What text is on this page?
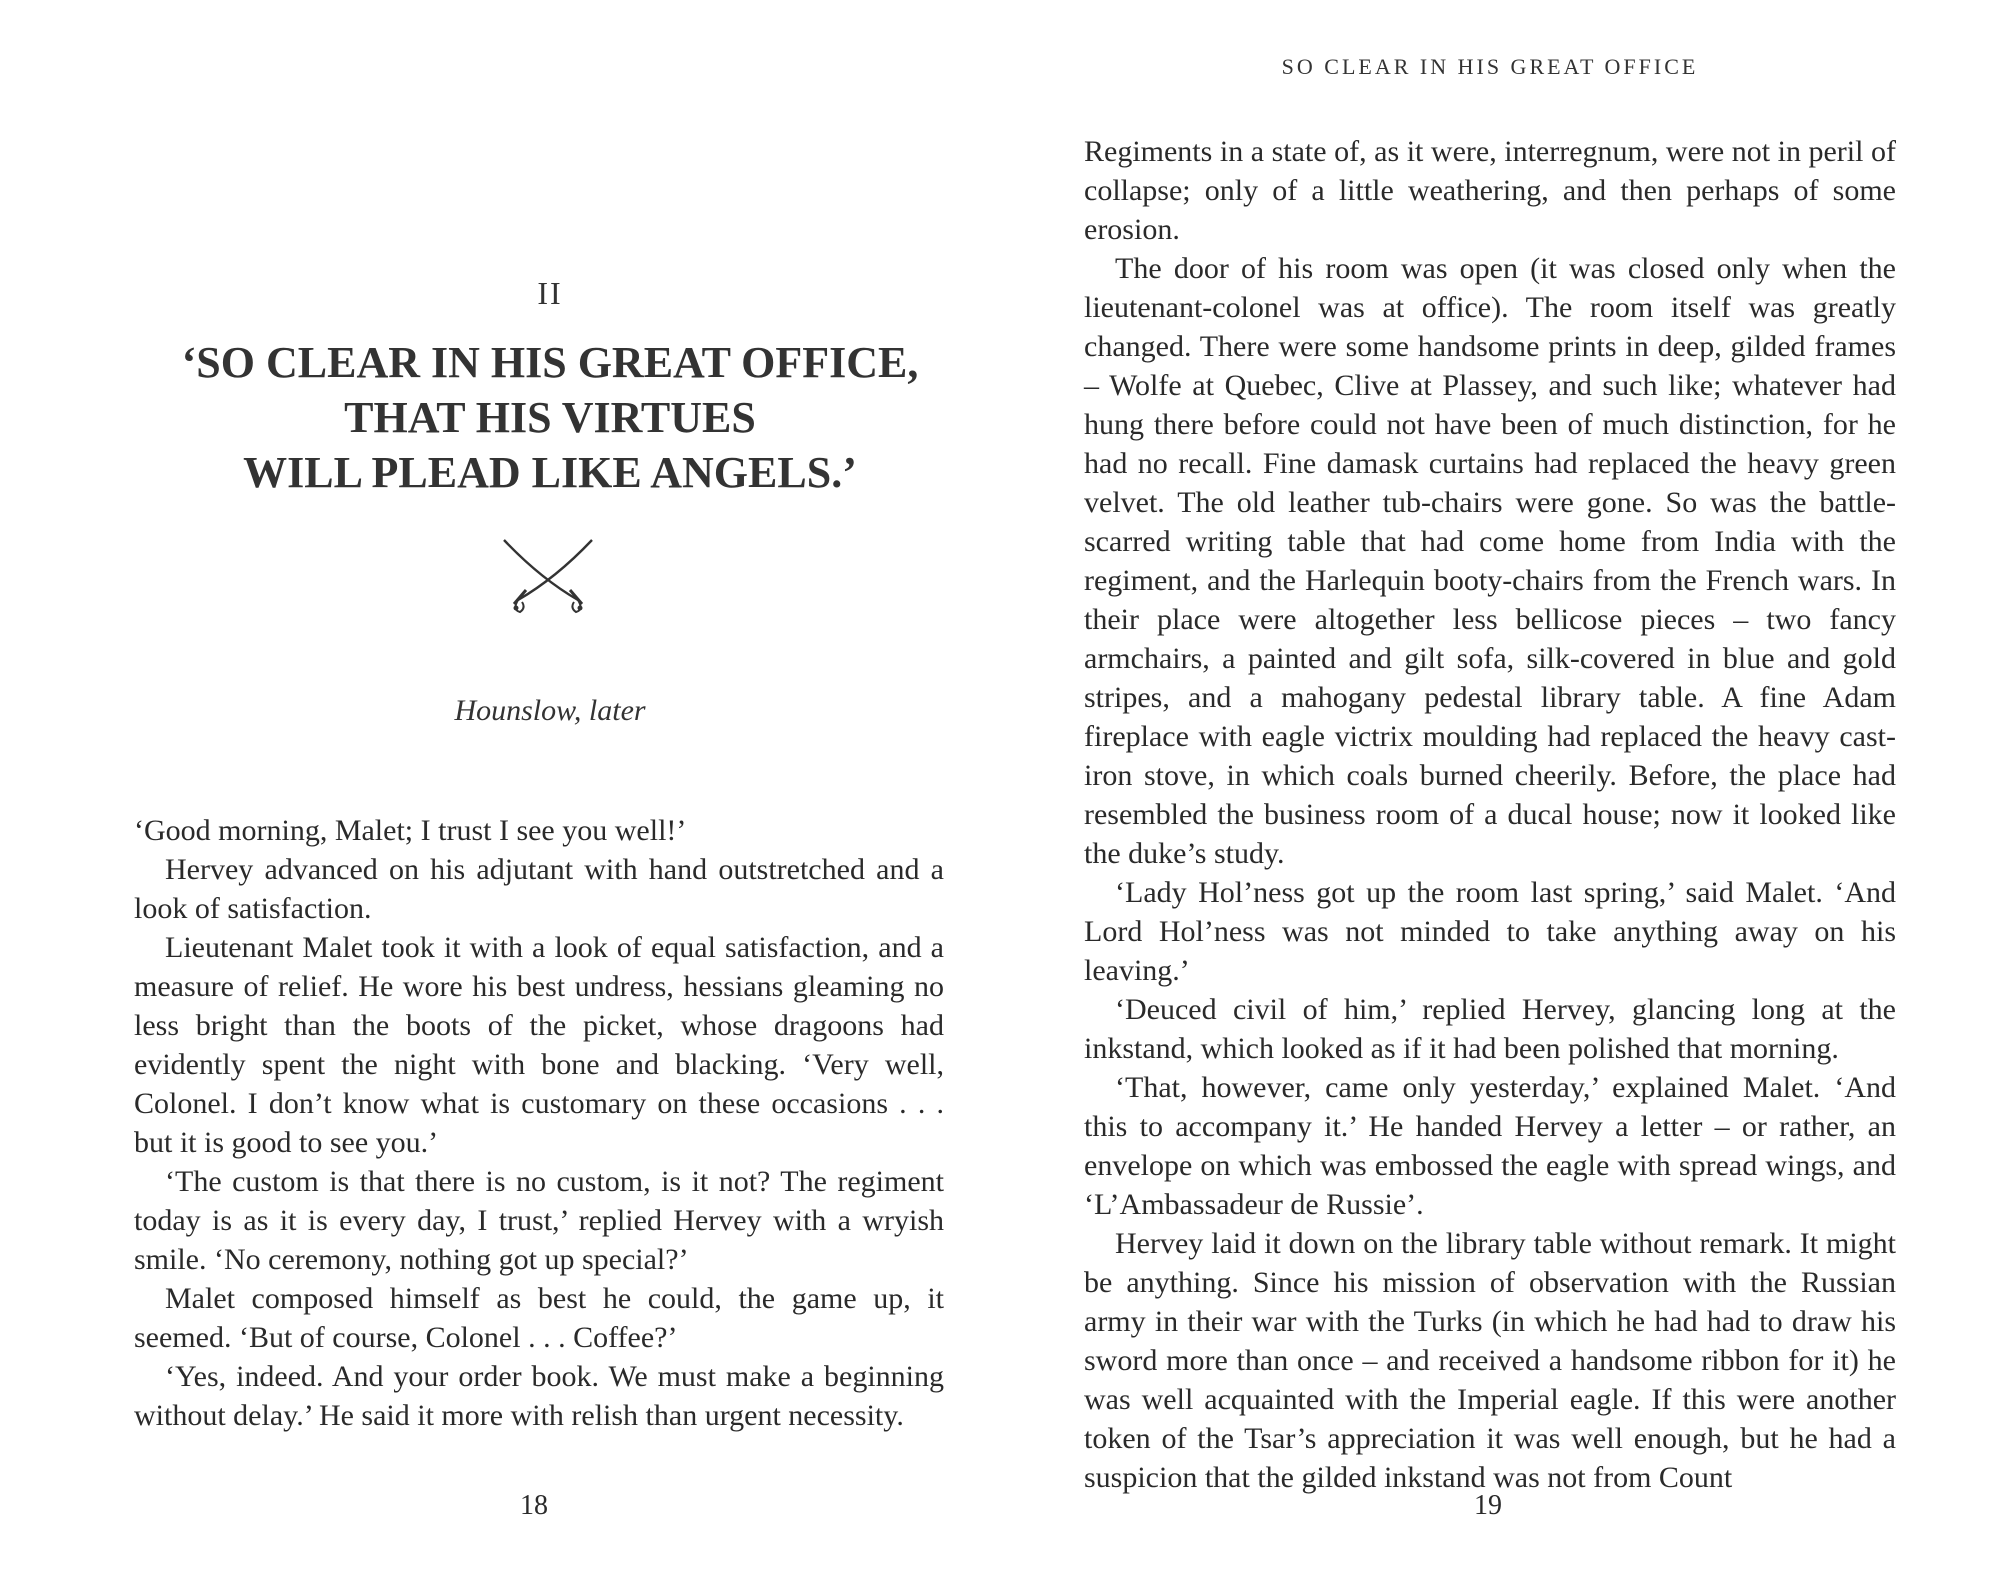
II
‘SO CLEAR IN HIS GREAT OFFICE,
THAT HIS VIRTUES
WILL PLEAD LIKE ANGELS.’
Hounslow, later

‘Good morning, Malet; I trust I see you well!’

Hervey advanced on his adjutant with hand outstretched and a look of satisfaction.

Lieutenant Malet took it with a look of equal satisfaction, and a measure of relief. He wore his best undress, hessians gleaming no less bright than the boots of the picket, whose dragoons had evidently spent the night with bone and blacking. ‘Very well, Colonel. I don’t know what is customary on these occasions . . . but it is good to see you.’

‘The custom is that there is no custom, is it not? The regiment today is as it is every day, I trust,’ replied Hervey with a wryish smile. ‘No ceremony, nothing got up special?’

Malet composed himself as best he could, the game up, it seemed. ‘But of course, Colonel . . . Coffee?’

‘Yes, indeed. And your order book. We must make a beginning without delay.’ He said it more with relish than urgent necessity.

18

Regiments in a state of, as it were, interregnum, were not in peril of collapse; only of a little weathering, and then perhaps of some erosion.

The door of his room was open (it was closed only when the lieutenant-colonel was at office). The room itself was greatly changed. There were some handsome prints in deep, gilded frames – Wolfe at Quebec, Clive at Plassey, and such like; whatever had hung there before could not have been of much distinction, for he had no recall. Fine damask curtains had replaced the heavy green velvet. The old leather tub-chairs were gone. So was the battle-scarred writing table that had come home from India with the regiment, and the Harlequin booty-chairs from the French wars. In their place were altogether less bellicose pieces – two fancy armchairs, a painted and gilt sofa, silk-covered in blue and gold stripes, and a mahogany pedestal library table. A fine Adam fireplace with eagle victrix moulding had replaced the heavy cast-iron stove, in which coals burned cheerily. Before, the place had resembled the business room of a ducal house; now it looked like the duke’s study.

‘Lady Hol’ness got up the room last spring,’ said Malet. ‘And Lord Hol’ness was not minded to take anything away on his leaving.’

‘Deuced civil of him,’ replied Hervey, glancing long at the inkstand, which looked as if it had been polished that morning.

‘That, however, came only yesterday,’ explained Malet. ‘And this to accompany it.’ He handed Hervey a letter – or rather, an envelope on which was embossed the eagle with spread wings, and ‘L’Ambassadeur de Russie’.

Hervey laid it down on the library table without remark. It might be anything. Since his mission of observation with the Russian army in their war with the Turks (in which he had had to draw his sword more than once – and received a handsome ribbon for it) he was well acquainted with the Imperial eagle. If this were another token of the Tsar’s appreciation it was well enough, but he had a suspicion that the gilded inkstand was not from Count

19
SO CLEAR IN HIS GREAT OFFICE
